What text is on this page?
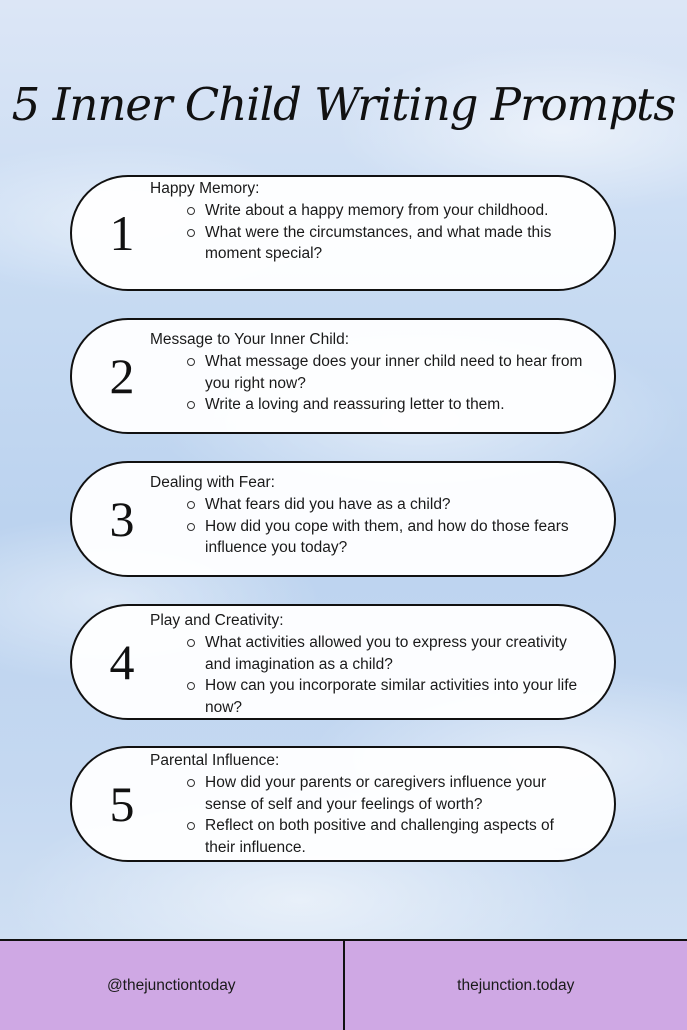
5 Inner Child Writing Prompts
1
Happy Memory:
Write about a happy memory from your childhood.
What were the circumstances, and what made this moment special?
2
Message to Your Inner Child:
What message does your inner child need to hear from you right now?
Write a loving and reassuring letter to them.
3
Dealing with Fear:
What fears did you have as a child?
How did you cope with them, and how do those fears influence you today?
4
Play and Creativity:
What activities allowed you to express your creativity and imagination as a child?
How can you incorporate similar activities into your life now?
5
Parental Influence:
How did your parents or caregivers influence your sense of self and your feelings of worth?
Reflect on both positive and challenging aspects of their influence.
@thejunctiontoday	thejunction.today
